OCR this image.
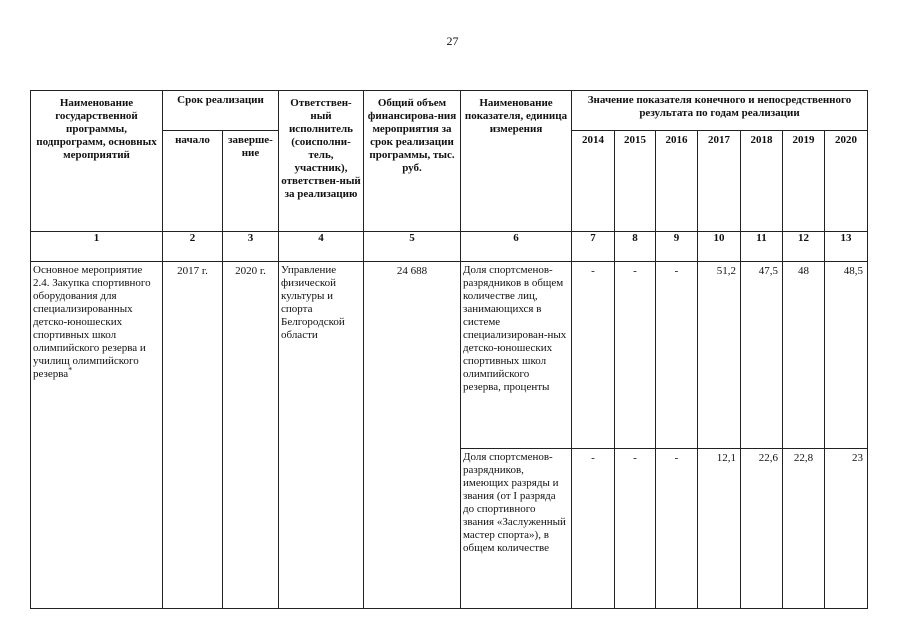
27
Наименование государственной программы, подпрограмм, основных мероприятий	Срок реализации		Ответствен-ный исполнитель (соисполни-тель, участник), ответствен-ный за реализацию	Общий объем финансирова-ния мероприятия за срок реализации программы, тыс. руб.	Наименование показателя, единица измерения	Значение показателя конечного и непосредственного результата по годам реализации						
	начало	заверше-ние				2014	2015	2016	2017	2018	2019	2020
1	2	3	4	5	6	7	8	9	10	11	12	13

Основное мероприятие 2.4. Закупка спортивного оборудования для специализированных детско-юношеских спортивных школ олимпийского резерва и училищ олимпийского резерва*	2017 г.	2020 г.	Управление физической культуры и спорта Белгородской области	24 688	Доля спортсменов-разрядников в общем количестве лиц, занимающихся в системе специализирован-ных детско-юношеских спортивных школ олимпийского резерва, проценты	-	-	-	51,2	47,5	48	48,5

					Доля спортсменов-разрядников, имеющих разряды и звания (от I разряда до спортивного звания «Заслуженный мастер спорта»), в общем количестве	-	-	-	12,1	22,6	22,8	23
